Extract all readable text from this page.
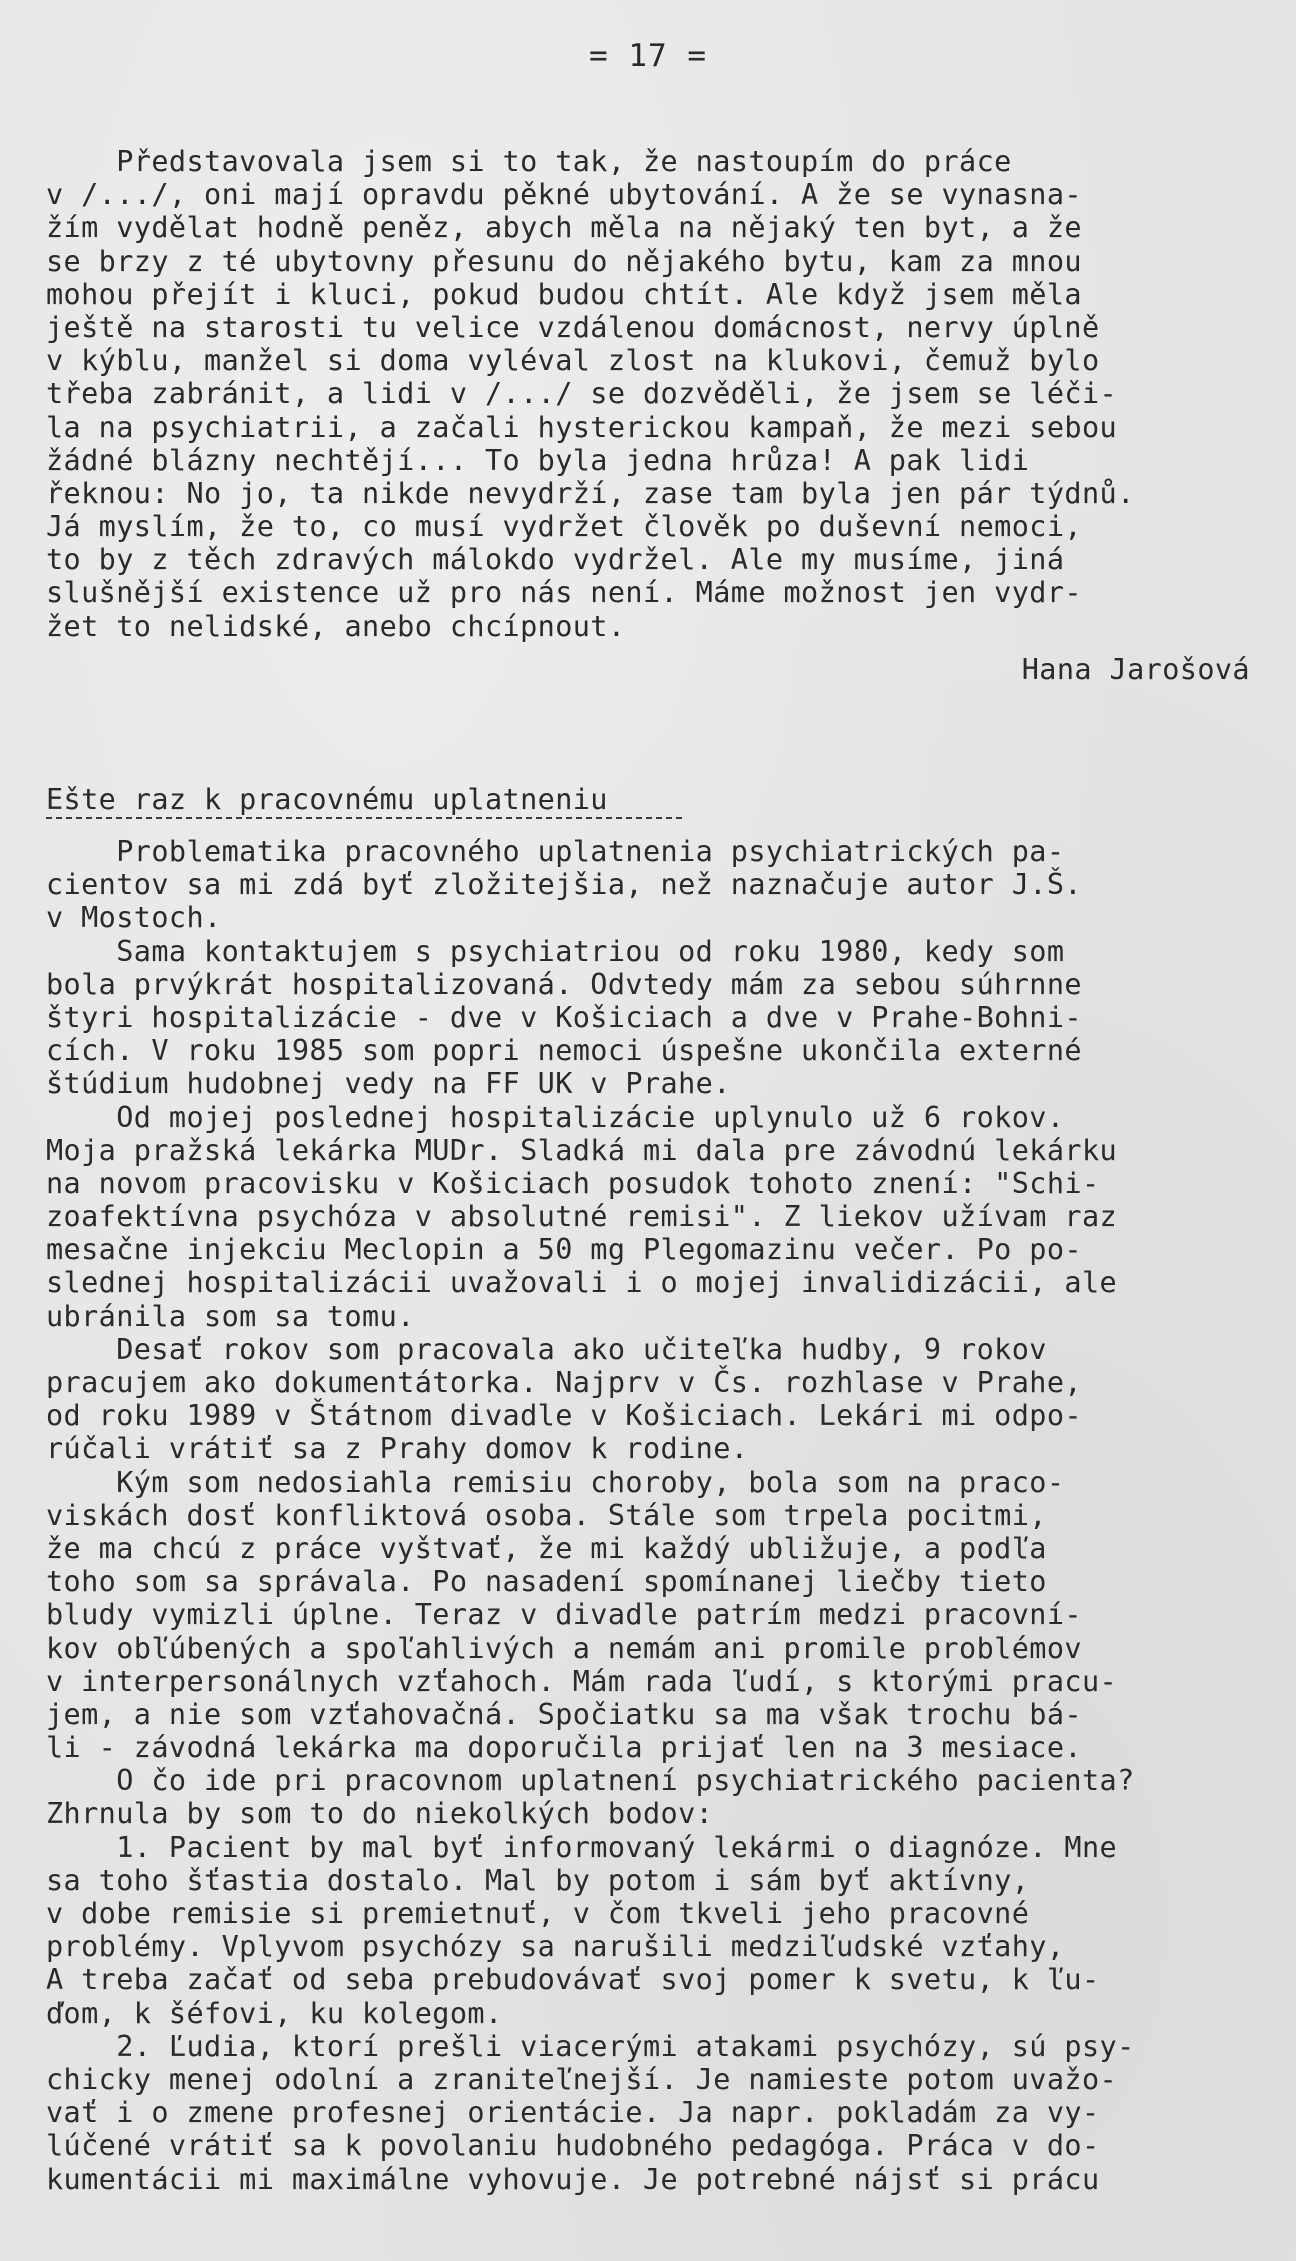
= 17 =
Představovala jsem si to tak, že nastoupím do práce
v /.../, oni mají opravdu pěkné ubytování. A že se vynasna-
žím vydělat hodně peněz, abych měla na nějaký ten byt, a že
se brzy z té ubytovny přesunu do nějakého bytu, kam za mnou
mohou přejít i kluci, pokud budou chtít. Ale když jsem měla
ještě na starosti tu velice vzdálenou domácnost, nervy úplně
v kýblu, manžel si doma vyléval zlost na klukovi, čemuž bylo
třeba zabránit, a lidi v /.../ se dozvěděli, že jsem se léči-
la na psychiatrii, a začali hysterickou kampaň, že mezi sebou
žádné blázny nechtějí... To byla jedna hrůza! A pak lidi
řeknou: No jo, ta nikde nevydrží, zase tam byla jen pár týdnů.
Já myslím, že to, co musí vydržet člověk po duševní nemoci,
to by z těch zdravých málokdo vydržel. Ale my musíme, jiná
slušnější existence už pro nás není. Máme možnost jen vydr-
žet to nelidské, anebo chcípnout.
Hana Jarošová
Ešte raz k pracovnému uplatneniu
Problematika pracovného uplatnenia psychiatrických pa-
cientov sa mi zdá byť zložitejšia, než naznačuje autor J.Š.
v Mostoch.
Sama kontaktujem s psychiatriou od roku 1980, kedy som
bola prvýkrát hospitalizovaná. Odvtedy mám za sebou súhrnne
štyri hospitalizácie - dve v Košiciach a dve v Prahe-Bohni-
cích. V roku 1985 som popri nemoci úspešne ukončila externé
štúdium hudobnej vedy na FF UK v Prahe.
Od mojej poslednej hospitalizácie uplynulo už 6 rokov.
Moja pražská lekárka MUDr. Sladká mi dala pre závodnú lekárku
na novom pracovisku v Košiciach posudok tohoto znení: "Schi-
zoafektívna psychóza v absolutné remisi". Z liekov užívam raz
mesačne injekciu Meclopin a 50 mg Plegomazinu večer. Po po-
slednej hospitalizácii uvažovali i o mojej invalidizácii, ale
ubránila som sa tomu.
Desať rokov som pracovala ako učiteľka hudby, 9 rokov
pracujem ako dokumentátorka. Najprv v Čs. rozhlase v Prahe,
od roku 1989 v Štátnom divadle v Košiciach. Lekári mi odpo-
rúčali vrátiť sa z Prahy domov k rodine.
Kým som nedosiahla remisiu choroby, bola som na praco-
viskách dosť konfliktová osoba. Stále som trpela pocitmi,
že ma chcú z práce vyštvať, že mi každý ubližuje, a podľa
toho som sa správala. Po nasadení spomínanej liečby tieto
bludy vymizli úplne. Teraz v divadle patrím medzi pracovní-
kov obľúbených a spoľahlivých a nemám ani promile problémov
v interpersonálnych vzťahoch. Mám rada ľudí, s ktorými pracu-
jem, a nie som vzťahovačná. Spočiatku sa ma však trochu bá-
li - závodná lekárka ma doporučila prijať len na 3 mesiace.
O čo ide pri pracovnom uplatnení psychiatrického pacienta?
Zhrnula by som to do niekolkých bodov:
1. Pacient by mal byť informovaný lekármi o diagnóze. Mne
sa toho šťastia dostalo. Mal by potom i sám byť aktívny,
v dobe remisie si premietnuť, v čom tkveli jeho pracovné
problémy. Vplyvom psychózy sa narušili medziľudské vzťahy,
A treba začať od seba prebudovávať svoj pomer k svetu, k ľu-
ďom, k šéfovi, ku kolegom.
2. Ľudia, ktorí prešli viacerými atakami psychózy, sú psy-
chicky menej odolní a zraniteľnejší. Je namieste potom uvažo-
vať i o zmene profesnej orientácie. Ja napr. pokladám za vy-
lúčené vrátiť sa k povolaniu hudobného pedagóga. Práca v do-
kumentácii mi maximálne vyhovuje. Je potrebné nájsť si prácu
